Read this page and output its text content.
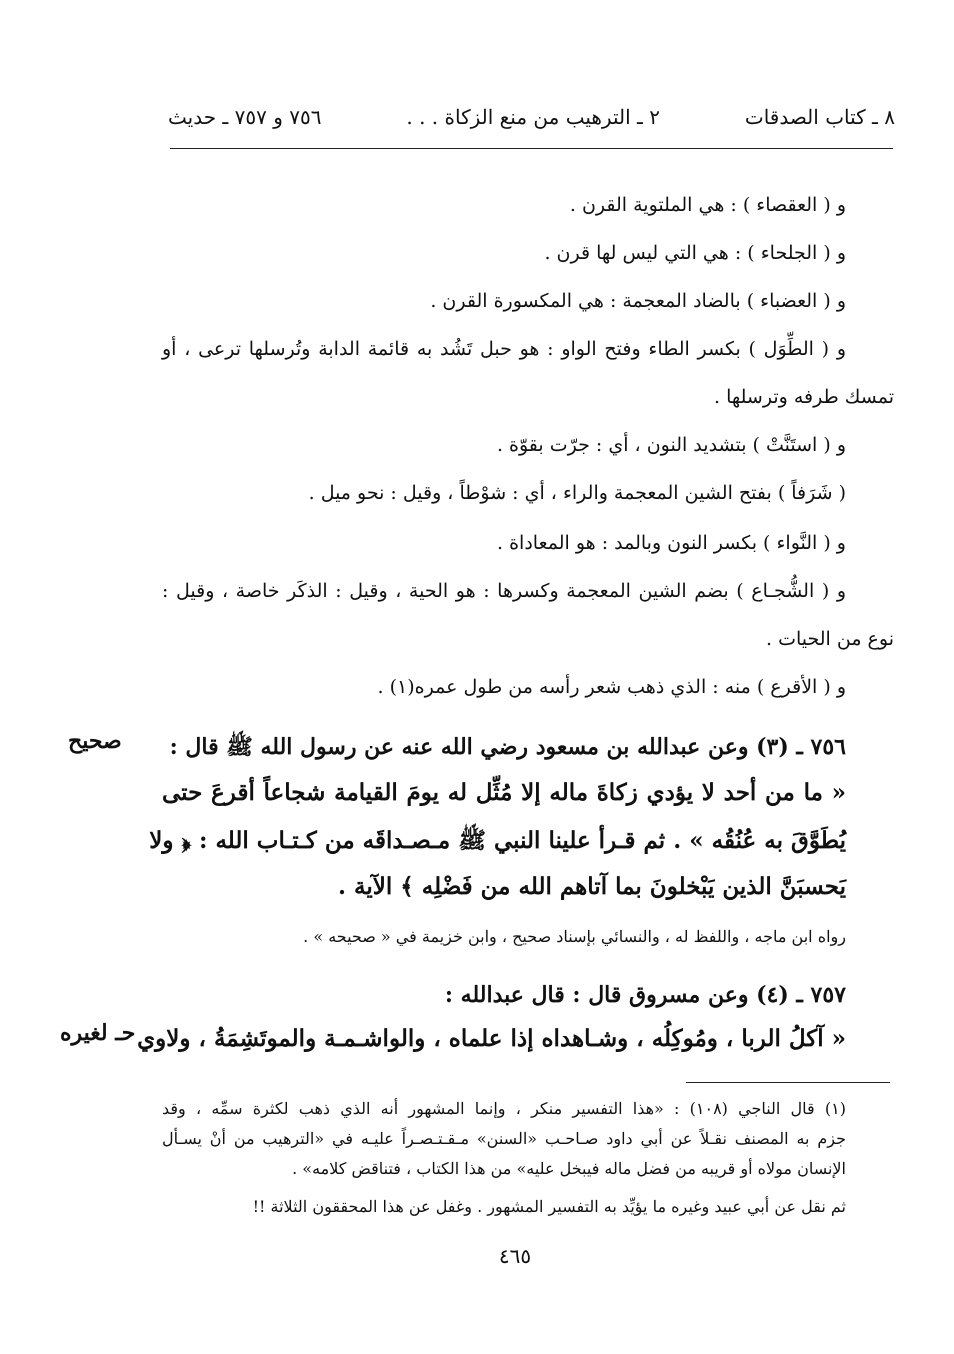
٨ ـ كتاب الصدقات
٢ ـ الترهيب من منع الزكاة . . .
٧٥٦ و ٧٥٧ ـ حديث
و ( العقصاء ) : هي الملتوية القرن .
و ( الجلحاء ) : هي التي ليس لها قرن .
و ( العضباء ) بالضاد المعجمة : هي المكسورة القرن .
و ( الطِّوَل ) بكسر الطاء وفتح الواو : هو حبل تَشُد به قائمة الدابة وتُرسلها ترعى ، أو
تمسك طرفه وترسلها .
و ( استَنَّتْ ) بتشديد النون ، أي : جرّت بقوّة .
( شَرَفاً ) بفتح الشين المعجمة والراء ، أي : شوْطاً ، وقيل : نحو ميل .
و ( النَّواء ) بكسر النون وبالمد : هو المعاداة .
و ( الشُّجـاع ) بضم الشين المعجمة وكسرها : هو الحية ، وقيل : الذكَر خاصة ، وقيل :
نوع من الحيات .
و ( الأقرع ) منه : الذي ذهب شعر رأسه من طول عمره(١) .
صحيح ٧٥٦ ـ (٣) وعن عبدالله بن مسعود رضي الله عنه عن رسول الله ﷺ قال :
« ما من أحد لا يؤدي زكاةَ ماله إلا مُثِّل له يومَ القيامة شجاعاً أقرعَ حتى
يُطَوَّقَ به عُنُقُه » . ثم قـرأ علينا النبي ﷺ مـصـداقَه من كـتـاب الله : ﴿ ولا
يَحسبَنَّ الذين يَبْخلونَ بما آتاهم الله من فَضْلِه ﴾ الآية .
رواه ابن ماجه ، واللفظ له ، والنسائي بإسناد صحيح ، وابن خزيمة في « صحيحه » .
٧٥٧ ـ (٤) وعن مسروق قال : قال عبدالله :
حـ لغيره « آكلُ الربا ، ومُوكِلُه ، وشـاهداه إذا علماه ، والواشـمـة والموتَشِمَةُ ، ولاوي
(١) قال الناجي (١٠٨) : «هذا التفسير منكر ، وإنما المشهور أنه الذي ذهب لكثرة سمِّه ، وقد
جزم به المصنف نقـلاً عن أبي داود صـاحـب «السنن» مـقـتـصـراً عليـه في «الترهيب من أنْ يسـأل
الإنسان مولاه أو قريبه من فضل ماله فيبخل عليه» من هذا الكتاب ، فتناقض كلامه» .
ثم نقل عن أبي عبيد وغيره ما يؤيِّد به التفسير المشهور . وغفل عن هذا المحققون الثلاثة !!
٤٦٥
